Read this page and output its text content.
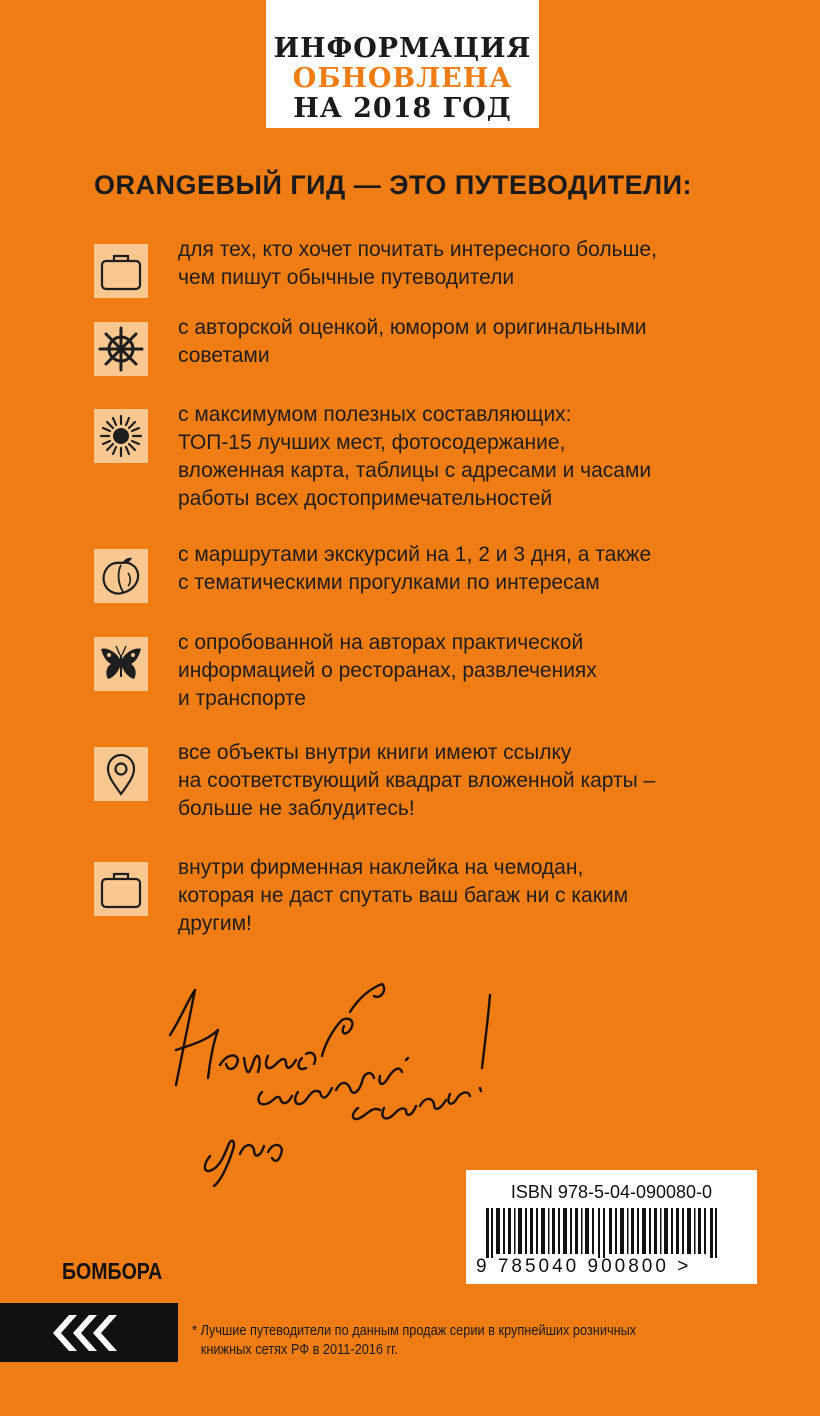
ИНФОРМАЦИЯ
ОБНОВЛЕНА
НА 2018 ГОД
ORANGEВЫЙ ГИД — ЭТО ПУТЕВОДИТЕЛИ:
для тех, кто хочет почитать интересного больше,
чем пишут обычные путеводители
с авторской оценкой, юмором и оригинальными
советами
с максимумом полезных составляющих:
ТОП-15 лучших мест, фотосодержание,
вложенная карта, таблицы с адресами и часами
работы всех достопримечательностей
с маршрутами экскурсий на 1, 2 и 3 дня, а также
с тематическими прогулками по интересам
с опробованной на авторах практической
информацией о ресторанах, развлечениях
и транспорте
все объекты внутри книги имеют ссылку
на соответствующий квадрат вложенной карты –
больше не заблудитесь!
внутри фирменная наклейка на чемодан,
которая не даст спутать ваш багаж ни с каким
другим!
ISBN 978-5-04-090080-0
9 785040 900800 >
БОМБОРА
* Лучшие путеводители по данным продаж серии в крупнейших розничных
книжных сетях РФ в 2011-2016 гг.
